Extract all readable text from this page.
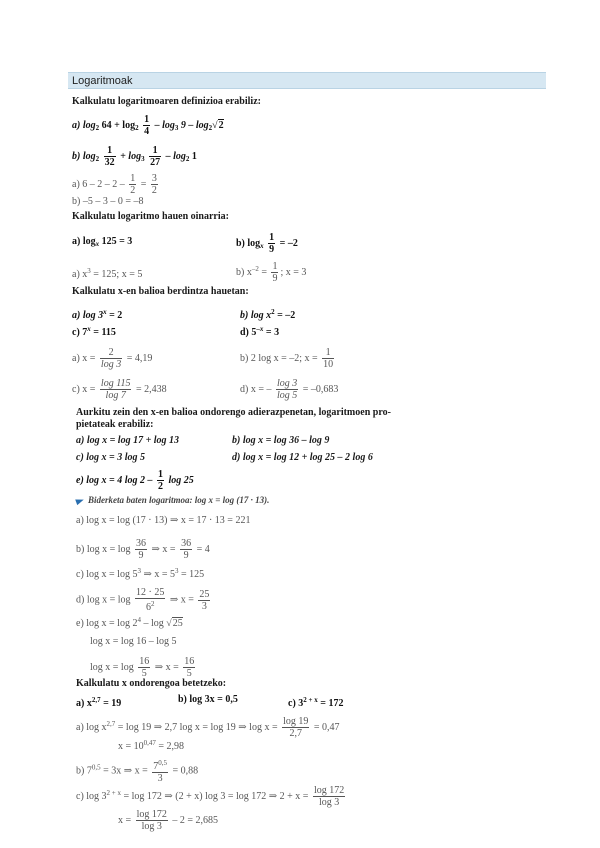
Logaritmoak
Kalkulatu logaritmoaren definizioa erabiliz:
a) $\log_2 64 + \log_2 \frac{1}{4} - \log_3 9 - \log_2√2$
b) $\log_2 \frac{1}{32} + \log_3 \frac{1}{27} - \log_2 1$
a) $6 - 2 - 2 - \frac{1}{2} = \frac{3}{2}$
b) –5 – 3 – 0 = –8
Kalkulatu logaritmo hauen oinarria:
a) $\log_x 125 = 3$	b) $\log_x \frac{1}{9} = -2$
a) $x^3 = 125$; x = 5	b) $x^{-2} = \frac{1}{9}$ ; x = 3
Kalkulatu x-en balioa berdintza hauetan:
a) $\log 3^x = 2$	b) $\log x^2 = -2$
c) $7^x = 115$	d) $5^{-x} = 3$
a) $x = \frac{2}{\log 3} = 4,19$	b) 2 log x = –2; $x = \frac{1}{10}$
c) $x = \frac{\log 115}{\log 7} = 2,438$	d) x = – $\frac{\log 3}{\log 5} = -0,683$
Aurkitu zein den x-en balioa ondorengo adierazpenetan, logaritmoen pro-
pietateak erabiliz:
a) log x = log 17 + log 13	b) log x = log 36 – log 9
c) log x = 3 log 5	d) log x = log 12 + log 25 – 2 log 6
e) log x = 4 $\log 2 - \frac{1}{2}$ log 25
Biderketa baten logaritmoa: log x = log (17 · 13).
a) log x = log (17 · 13) ⇒ x = 17 · 13 = 221
b) $\log x = \log \frac{36}{9}$ ⇒ $x = \frac{36}{9} = 4$
c) $\log x = \log 5^3$ ⇒ $x = 5^3 = 125$
d) $\log x = \log \frac{12 \cdot 25}{6^2}$ ⇒ $x = \frac{25}{3}$
e) $\log x = \log 2^4 - \log √25$
log x = log 16 – log 5
$\log x = \log \frac{16}{5}$ ⇒ $x = \frac{16}{5}$
Kalkulatu x ondorengoa betetzeko:
a) $x^{2,7} = 19$	b) log 3x = 0,5	c) $3^{2 + x} = 172$
a) $\log x^{2,7} = \log 19$ ⇒ 2,7 log x = log 19 ⇒ $\log x = \frac{\log 19}{2,7} = 0,47$
$x = 10^{0,47} = 2,98$
b) $7^{0,5} = 3x$ ⇒ $x = \frac{7^{0,5}}{3} = 0,88$
c) $\log 3^{2 + x} = \log 172$ ⇒ (2 + x) log 3 = log 172 ⇒ $2 + x = \frac{\log 172}{\log 3}$
$x = \frac{\log 172}{\log 3} - 2 = 2,685$
